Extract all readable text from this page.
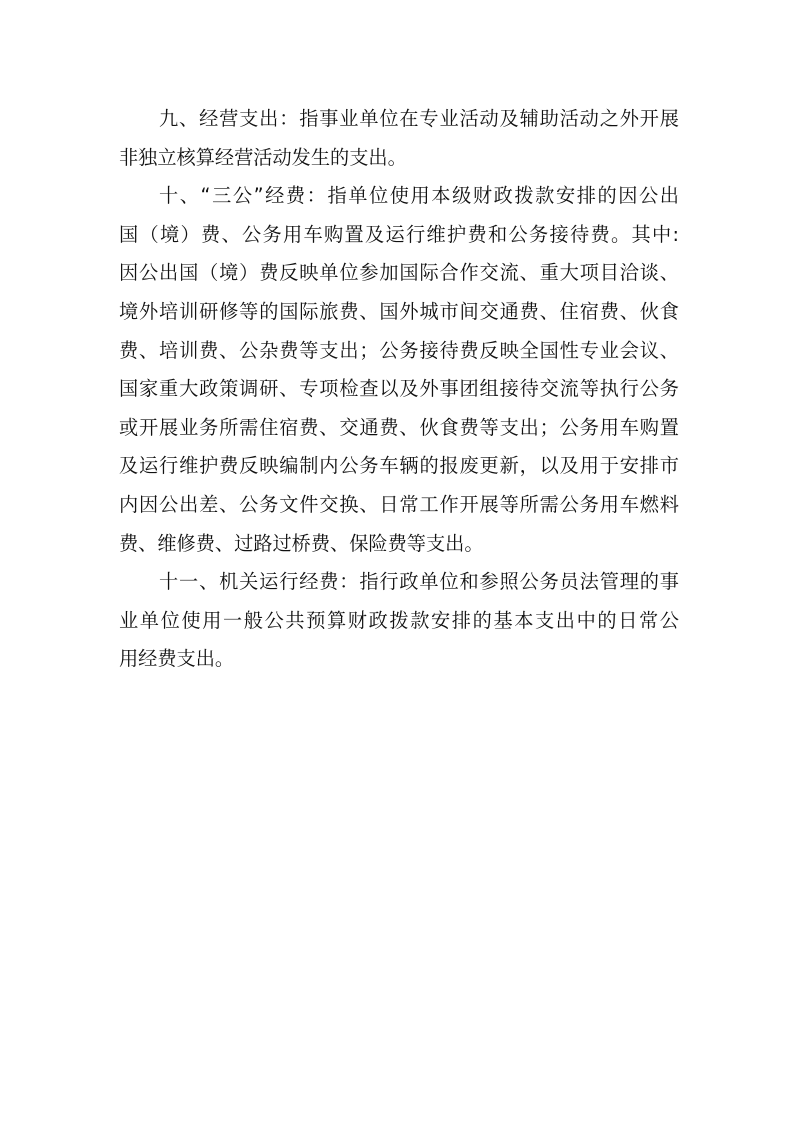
九、经营支出：指事业单位在专业活动及辅助活动之外开展
非独立核算经营活动发生的支出。
十、“三公”经费：指单位使用本级财政拨款安排的因公出
国（境）费、公务用车购置及运行维护费和公务接待费。其中:
因公出国（境）费反映单位参加国际合作交流、重大项目洽谈、
境外培训研修等的国际旅费、国外城市间交通费、住宿费、伙食
费、培训费、公杂费等支出；公务接待费反映全国性专业会议、
国家重大政策调研、专项检查以及外事团组接待交流等执行公务
或开展业务所需住宿费、交通费、伙食费等支出；公务用车购置
及运行维护费反映编制内公务车辆的报废更新，以及用于安排市
内因公出差、公务文件交换、日常工作开展等所需公务用车燃料
费、维修费、过路过桥费、保险费等支出。
十一、机关运行经费：指行政单位和参照公务员法管理的事
业单位使用一般公共预算财政拨款安排的基本支出中的日常公
用经费支出。
